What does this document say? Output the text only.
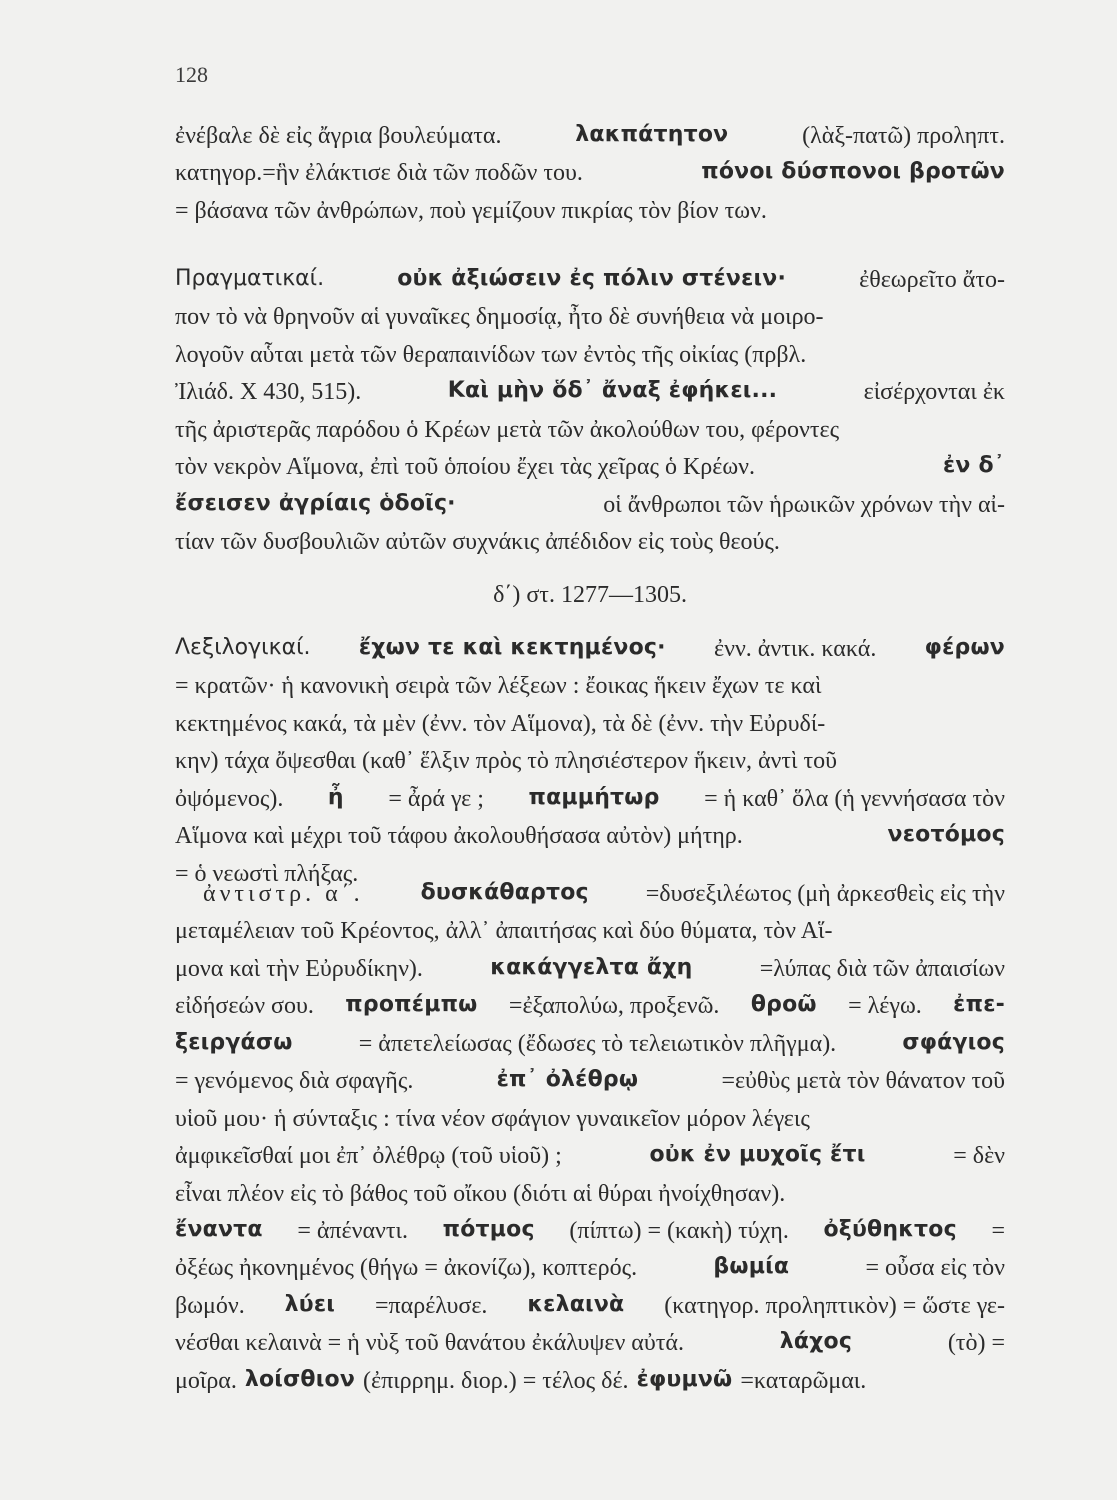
128
ἐνέβαλε δὲ εἰς ἄγρια βουλεύματα.	λακπάτητον	(λὰξ-πατῶ) προληπτ.
κατηγορ.=ἣν ἐλάκτισε διὰ τῶν ποδῶν του.	πόνοι δύσπονοι βροτῶν
= βάσανα τῶν ἀνθρώπων, ποὺ γεμίζουν πικρίας τὸν βίον των.
Πραγματικαί.	οὐκ ἀξιώσειν ἐς πόλιν στένειν·	ἐθεωρεῖτο ἄτο-
πον τὸ νὰ θρηνοῦν αἱ γυναῖκες δημοσίᾳ, ἦτο δὲ συνήθεια νὰ μοιρο-
λογοῦν αὗται μετὰ τῶν θεραπαινίδων των ἐντὸς τῆς οἰκίας (πρβλ.
Ἰλιάδ. Χ 430, 515).	Καὶ μὴν ὅδ᾽ ἄναξ ἐφήκει...	εἰσέρχονται ἐκ
τῆς ἀριστερᾶς παρόδου ὁ Κρέων μετὰ τῶν ἀκολούθων του, φέροντες
τὸν νεκρὸν Αἵμονα, ἐπὶ τοῦ ὁποίου ἔχει τὰς χεῖρας ὁ Κρέων.	ἐν δ᾽
ἔσεισεν ἀγρίαις ὁδοῖς·	οἱ ἄνθρωποι τῶν ἡρωικῶν χρόνων τὴν αἰ-
τίαν τῶν δυσβουλιῶν αὐτῶν συχνάκις ἀπέδιδον εἰς τοὺς θεούς.
δ΄) στ. 1277—1305.
Λεξιλογικαί. ἔχων τε καὶ κεκτημένος· ἐνν. ἀντικ. κακά. φέρων
= κρατῶν· ἡ κανονικὴ σειρὰ τῶν λέξεων : ἔοικας ἥκειν ἔχων τε καὶ
κεκτημένος κακά, τὰ μὲν (ἐνν. τὸν Αἵμονα), τὰ δὲ (ἐνν. τὴν Εὐρυδί-
κην) τάχα ὄψεσθαι (καθ᾽ ἕλξιν πρὸς τὸ πλησιέστερον ἥκειν, ἀντὶ τοῦ
ὀψόμενος). ἦ = ἆρά γε ; παμμήτωρ = ἡ καθ᾽ ὅλα (ἡ γεννήσασα τὸν
Αἵμονα καὶ μέχρι τοῦ τάφου ἀκολουθήσασα αὐτὸν) μήτηρ.	νεοτόμος
= ὁ νεωστὶ πλήξας.
ἀντιστρ. α΄.	δυσκάθαρτος =δυσεξιλέωτος (μὴ ἀρκεσθεὶς εἰς τὴν
μεταμέλειαν τοῦ Κρέοντος, ἀλλ᾽ ἀπαιτήσας καὶ δύο θύματα, τὸν Αἵ-
μονα καὶ τὴν Εὐρυδίκην).	κακάγγελτα ἄχη	=λύπας διὰ τῶν ἀπαισίων
εἰδήσεών σου. προπέμπω =ἐξαπολύω, προξενῶ. θροῶ = λέγω. ἐπε-
ξειργάσω	= ἀπετελείωσας (ἔδωσες τὸ τελειωτικὸν πλῆγμα).	σφάγιος
= γενόμενος διὰ σφαγῆς.	ἐπ᾽ ὀλέθρῳ	=εὐθὺς μετὰ τὸν θάνατον τοῦ
υἱοῦ μου· ἡ σύνταξις : τίνα νέον σφάγιον γυναικεῖον μόρον λέγεις
ἀμφικεῖσθαί μοι ἐπ᾽ ὀλέθρῳ (τοῦ υἱοῦ) ;	οὐκ ἐν μυχοῖς ἔτι	= δὲν
εἶναι πλέον εἰς τὸ βάθος τοῦ οἴκου (διότι αἱ θύραι ἠνοίχθησαν).
ἔναντα = ἀπέναντι. πότμος (πίπτω) = (κακὴ) τύχη. ὀξύθηκτος =
ὀξέως ἠκονημένος (θήγω = ἀκονίζω), κοπτερός.	βωμία	= οὖσα εἰς τὸν
βωμόν. λύει =παρέλυσε. κελαινὰ (κατηγορ. προληπτικὸν) = ὥστε γε-
νέσθαι κελαινὰ = ἡ νὺξ τοῦ θανάτου ἐκάλυψεν αὐτά.	λάχος	(τὸ) =
μοῖρα. λοίσθιον (ἐπιρρημ. διορ.) = τέλος δέ. ἐφυμνῶ =καταρῶμαι.
